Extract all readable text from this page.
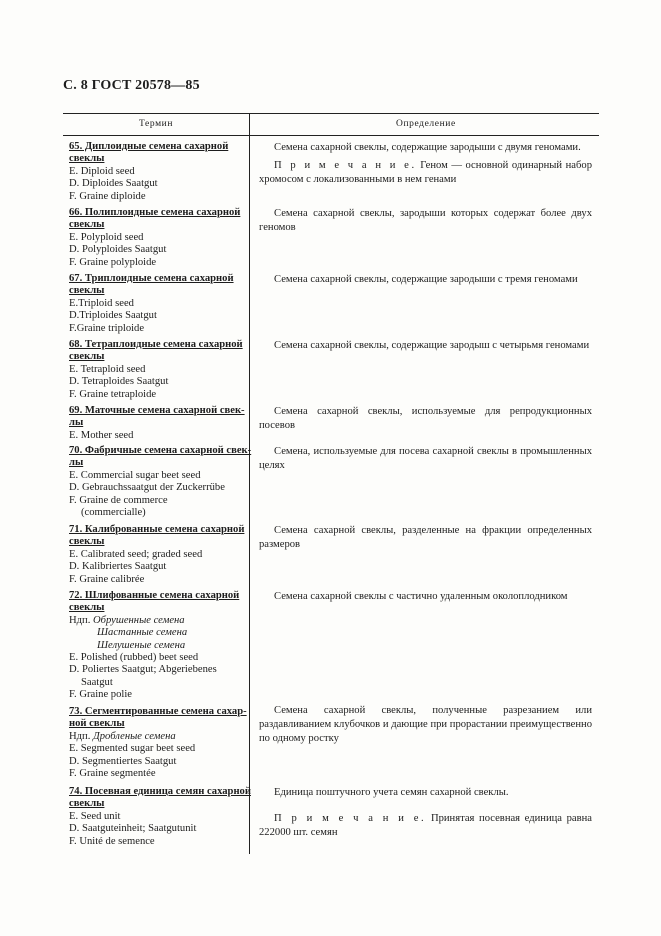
С. 8 ГОСТ 20578—85
Термин	Определение
65. Диплоидные семена сахарной
свеклы
E. Diploid seed
D. Diploides Saatgut
F. Graine diploide

Семена сахарной свеклы, содержащие зародыши с двумя геномами.

П р и м е ч а н и е. Геном — основной одинарный набор хромосом с локализованными в нем генами

66. Полиплоидные семена сахарной
свеклы
E. Polyploid seed
D. Polyploides Saatgut
F. Graine polyploide

Семена сахарной свеклы, зародыши которых содержат более двух геномов

67. Триплоидные семена сахарной
свеклы
E.Triploid seed
D.Triploides Saatgut
F.Graine triploide

Семена сахарной свеклы, содержащие зародыши с тремя геномами

68. Тетраплоидные семена сахарной
свеклы
E. Tetraploid seed
D. Tetraploides Saatgut
F. Graine tetraploide

Семена сахарной свеклы, содержащие зародыш с четырьмя геномами

69. Маточные семена сахарной свек-
лы
E. Mother seed

Семена сахарной свеклы, используемые для репродукционных посевов

70. Фабричные семена сахарной свек-
лы
E. Commercial sugar beet seed
D. Gebrauchssaatgut der Zuckerrübe
F. Graine de commerce
(commercialle)

Семена, используемые для посева сахарной свеклы в промышленных целях

71. Калиброванные семена сахарной
свеклы
E. Calibrated seed; graded seed
D. Kalibriertes Saatgut
F. Graine calibrée

Семена сахарной свеклы, разделенные на фракции определенных размеров

72. Шлифованные семена сахарной
свеклы
Ндп. Обрушенные семена
Шастанные семена
Шелушеные семена
E. Polished (rubbed) beet seed
D. Poliertes Saatgut; Abgeriebenes
Saatgut
F. Graine polie

Семена сахарной свеклы с частично удаленным околоплодником

73. Сегментированные семена сахар-
ной свеклы
Ндп. Дробленые семена
E. Segmented sugar beet seed
D. Segmentiertes Saatgut
F. Graine segmentée

Семена сахарной свеклы, полученные разрезанием или раздавливанием клубочков и дающие при прорастании преимущественно по одному ростку

74. Посевная единица семян сахарной
свеклы
E. Seed unit
D. Saatguteinheit; Saatgutunit
F. Unité de semence

Единица поштучного учета семян сахарной свеклы.

П р и м е ч а н и е. Принятая посевная единица равна 222000 шт. семян
